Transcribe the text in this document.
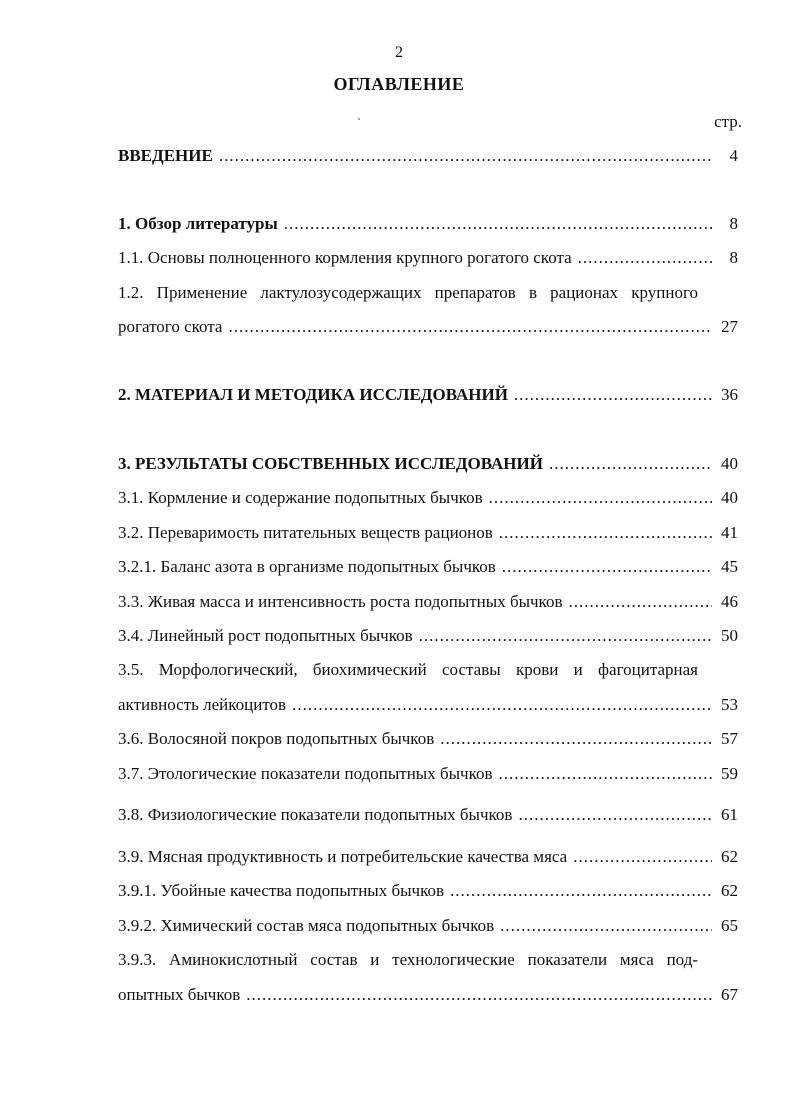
2
ОГЛАВЛЕНИЕ
стр.
ВВЕДЕНИЕ .....	4
1. Обзор литературы .....	8
1.1. Основы полноценного кормления крупного рогатого скота .....	8
1.2. Применение лактулозусодержащих препаратов в рационах крупного
рогатого скота .....	27
2. МАТЕРИАЛ И МЕТОДИКА ИССЛЕДОВАНИЙ .....	36
3. РЕЗУЛЬТАТЫ СОБСТВЕННЫХ ИССЛЕДОВАНИЙ .....	40
3.1. Кормление и содержание подопытных бычков .....	40
3.2. Переваримость питательных веществ рационов .....	41
3.2.1. Баланс азота в организме подопытных бычков .....	45
3.3. Живая масса и интенсивность роста подопытных бычков .....	46
3.4. Линейный рост подопытных бычков .....	50
3.5. Морфологический, биохимический составы крови и фагоцитарная
активность лейкоцитов .....	53
3.6. Волосяной покров подопытных бычков .....	57
3.7. Этологические показатели подопытных бычков .....	59
3.8. Физиологические показатели подопытных бычков .....	61
3.9. Мясная продуктивность и потребительские качества мяса .....	62
3.9.1. Убойные качества подопытных бычков .....	62
3.9.2. Химический состав мяса подопытных бычков .....	65
3.9.3. Аминокислотный состав и технологические показатели мяса под-
опытных бычков .....	67
